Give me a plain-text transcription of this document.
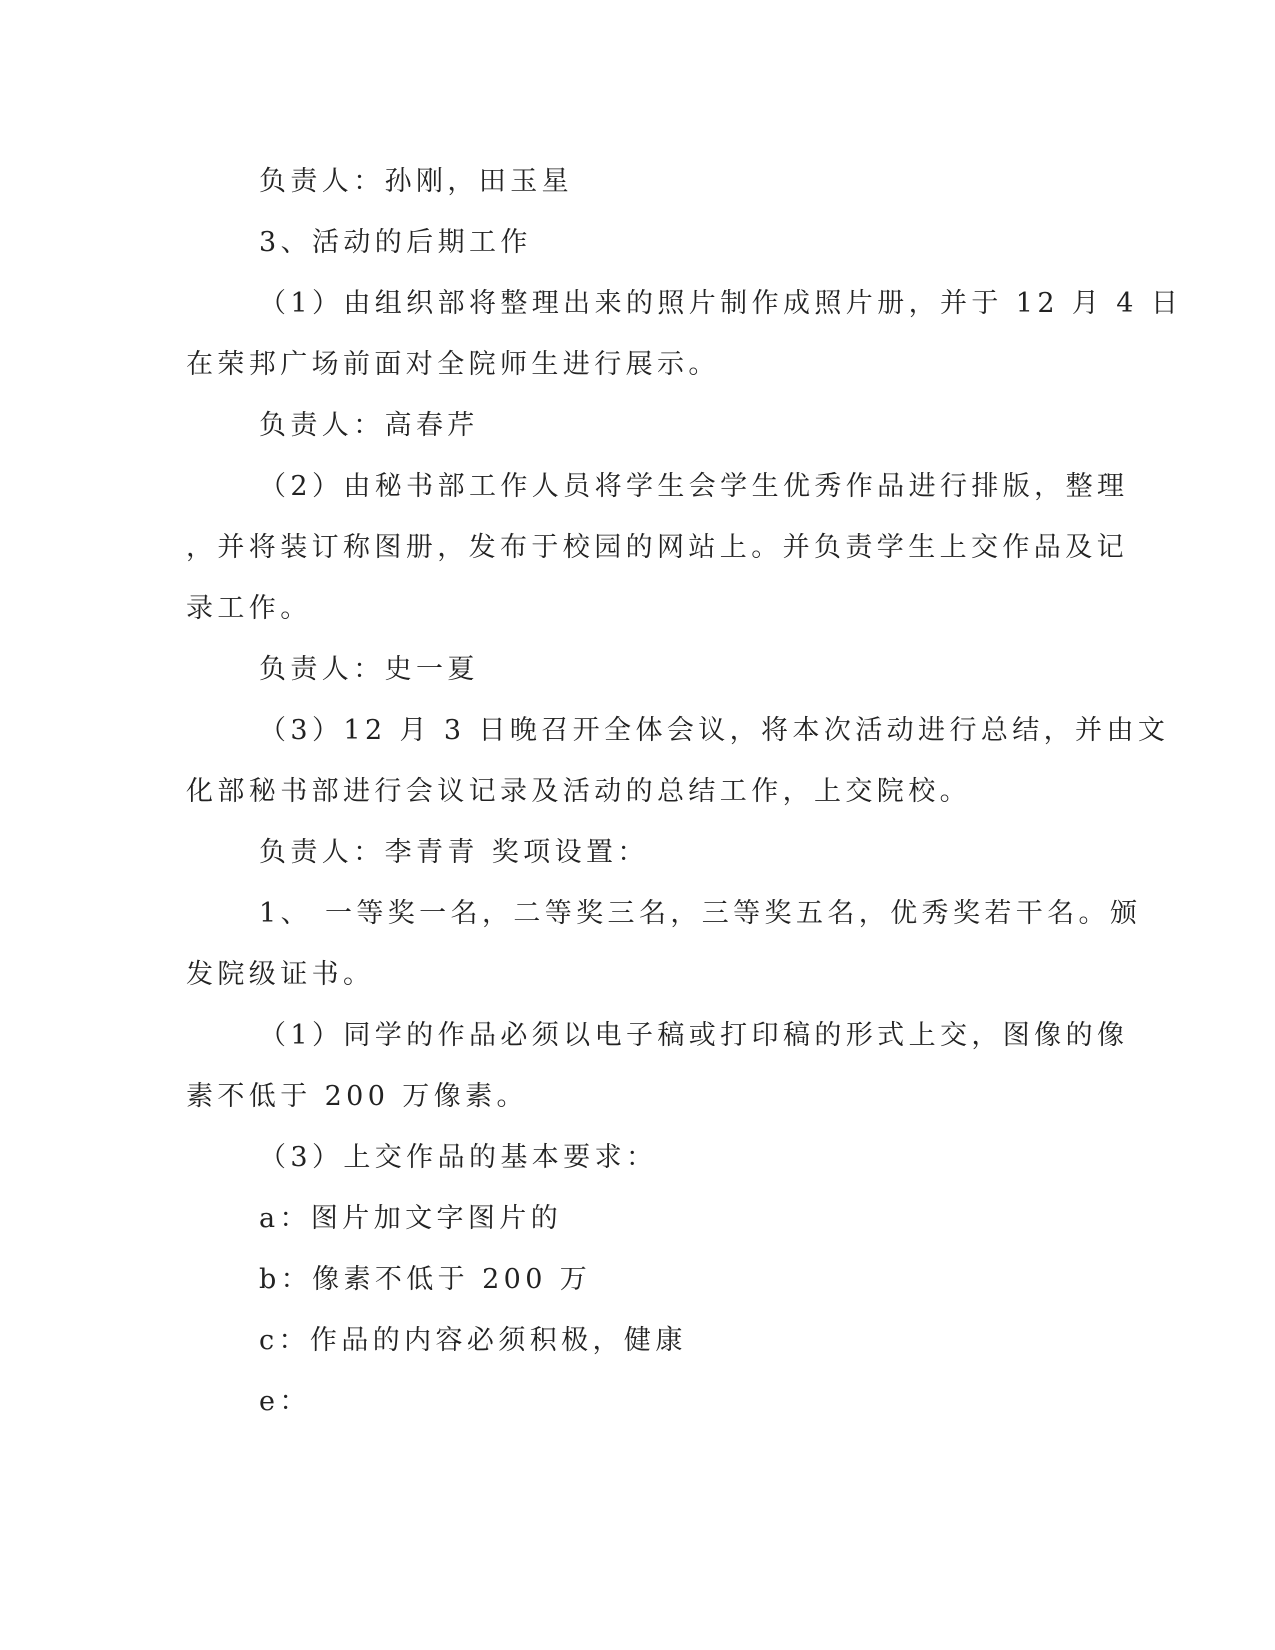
负责人：孙刚，田玉星
3、活动的后期工作
（1）由组织部将整理出来的照片制作成照片册，并于 12 月 4 日
在荣邦广场前面对全院师生进行展示。
负责人：高春芹
（2）由秘书部工作人员将学生会学生优秀作品进行排版，整理
，并将装订称图册，发布于校园的网站上。并负责学生上交作品及记
录工作。
负责人：史一夏
（3）12 月 3 日晚召开全体会议，将本次活动进行总结，并由文
化部秘书部进行会议记录及活动的总结工作，上交院校。
负责人：李青青 奖项设置：
1、 一等奖一名，二等奖三名，三等奖五名，优秀奖若干名。颁
发院级证书。
（1）同学的作品必须以电子稿或打印稿的形式上交，图像的像
素不低于 200 万像素。
（3）上交作品的基本要求：
a：图片加文字图片的
b：像素不低于 200 万
c：作品的内容必须积极，健康
e：
